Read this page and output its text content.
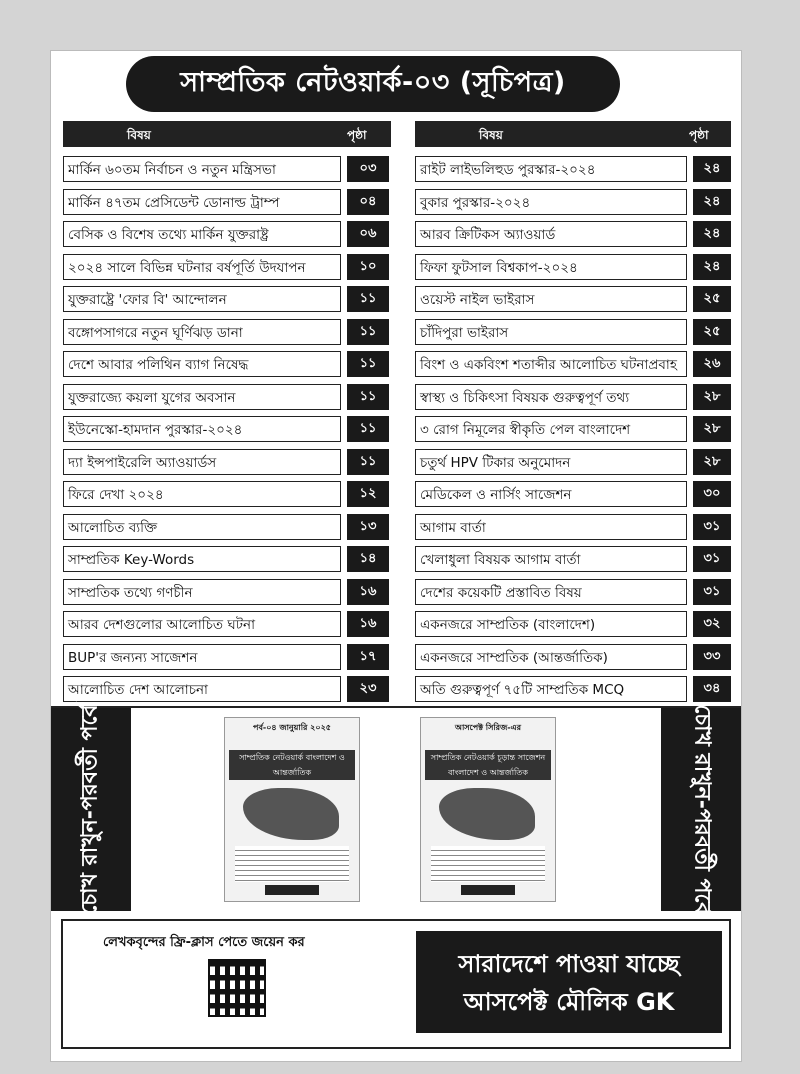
সাম্প্রতিক নেটওয়ার্ক-০৩ (সূচিপত্র)
বিষয়	পৃষ্ঠা	বিষয়	পৃষ্ঠা
মার্কিন ৬০তম নির্বাচন ও নতুন মন্ত্রিসভা	০৩
মার্কিন ৪৭তম প্রেসিডেন্ট ডোনাল্ড ট্রাম্প	০৪
বেসিক ও বিশেষ তথ্যে মার্কিন যুক্তরাষ্ট্র	০৬
২০২৪ সালে বিভিন্ন ঘটনার বর্ষপূর্তি উদযাপন	১০
যুক্তরাষ্ট্রে 'ফোর বি' আন্দোলন	১১
বঙ্গোপসাগরে নতুন ঘূর্ণিঝড় ডানা	১১
দেশে আবার পলিথিন ব্যাগ নিষেদ্ধ	১১
যুক্তরাজ্যে কয়লা যুগের অবসান	১১
ইউনেস্কো-হামদান পুরস্কার-২০২৪	১১
দ্যা ইন্সপাইরেলি অ্যাওয়ার্ডস	১১
ফিরে দেখা ২০২৪	১২
আলোচিত ব্যক্তি	১৩
সাম্প্রতিক Key-Words	১৪
সাম্প্রতিক তথ্যে গণচীন	১৬
আরব দেশগুলোর আলোচিত ঘটনা	১৬
BUP'র জন্যন্য সাজেশন	১৭
আলোচিত দেশ আলোচনা	২৩
রাইট লাইভলিহুড পুরস্কার-২০২৪	২৪
বুকার পুরস্কার-২০২৪	২৪
আরব ক্রিটিকস অ্যাওয়ার্ড	২৪
ফিফা ফুটসাল বিশ্বকাপ-২০২৪	২৪
ওয়েস্ট নাইল ভাইরাস	২৫
চাঁদিপুরা ভাইরাস	২৫
বিংশ ও একবিংশ শতাব্দীর আলোচিত ঘটনাপ্রবাহ	২৬
স্বাস্থ্য ও চিকিৎসা বিষয়ক গুরুত্বপূর্ণ তথ্য	২৮
৩ রোগ নিমূলের স্বীকৃতি পেল বাংলাদেশ	২৮
চতুর্থ HPV টিকার অনুমোদন	২৮
মেডিকেল ও নার্সিং সাজেশন	৩০
আগাম বার্তা	৩১
খেলাধুলা বিষয়ক আগাম বার্তা	৩১
দেশের কয়েকটি প্রস্তাবিত বিষয়	৩১
একনজরে সাম্প্রতিক (বাংলাদেশ)	৩২
একনজরে সাম্প্রতিক (আন্তর্জাতিক)	৩৩
অতি গুরুত্বপূর্ণ ৭৫টি সাম্প্রতিক MCQ	৩৪
চোখ রাখুন-পরবর্তী পর্বে	পর্ব-০৪ জানুয়ারি ২০২৫
সাম্প্রতিক নেটওয়ার্ক বাংলাদেশ ও আন্তর্জাতিক
আসপেক্ট সিরিজ-এর
সাম্প্রতিক নেটওয়ার্ক চূড়ান্ত সাজেশন বাংলাদেশ ও আন্তর্জাতিক	চোখ রাখুন-পরবর্তী পর্বে
লেখকবৃন্দের ফ্রি-ক্লাস পেতে জয়েন কর
সারাদেশে পাওয়া যাচ্ছে
আসপেক্ট মৌলিক GK
